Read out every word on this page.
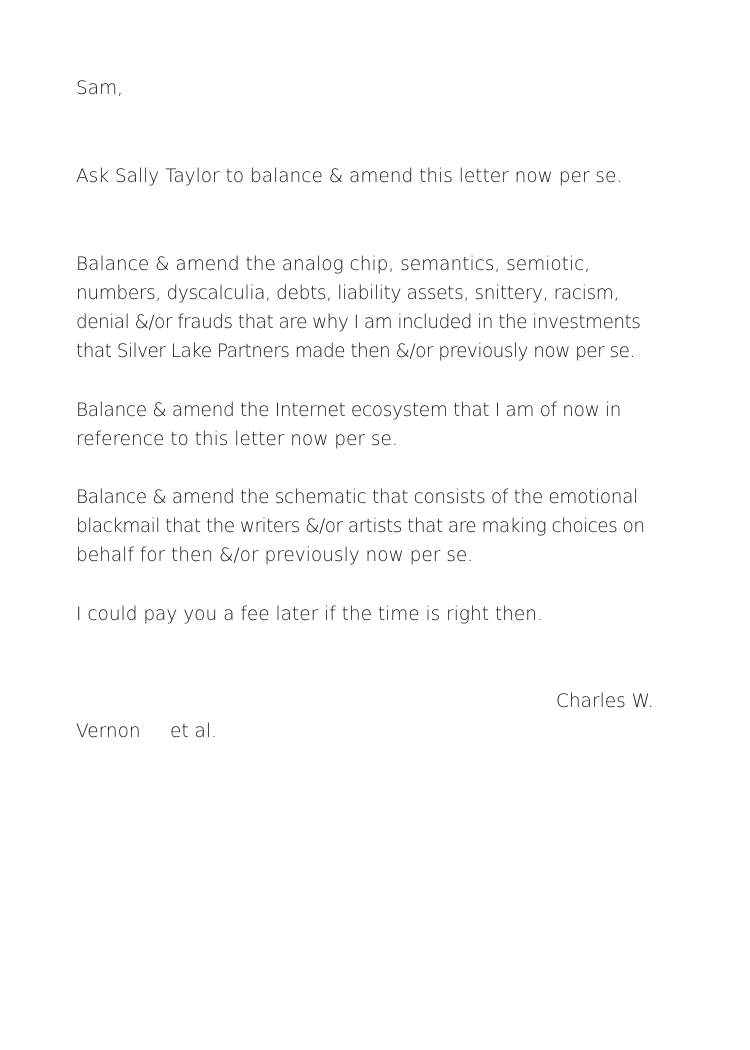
Sam,
Ask Sally Taylor to balance & amend this letter now per se.
Balance & amend the analog chip, semantics, semiotic,
numbers, dyscalculia, debts, liability assets, snittery, racism,
denial &/or frauds that are why I am included in the investments
that Silver Lake Partners made then &/or previously now per se.
Balance & amend the Internet ecosystem that I am of now in
reference to this letter now per se.
Balance & amend the schematic that consists of the emotional
blackmail that the writers &/or artists that are making choices on
behalf for then &/or previously now per se.
I could pay you a fee later if the time is right then.
Charles W.
Vernon et al.
